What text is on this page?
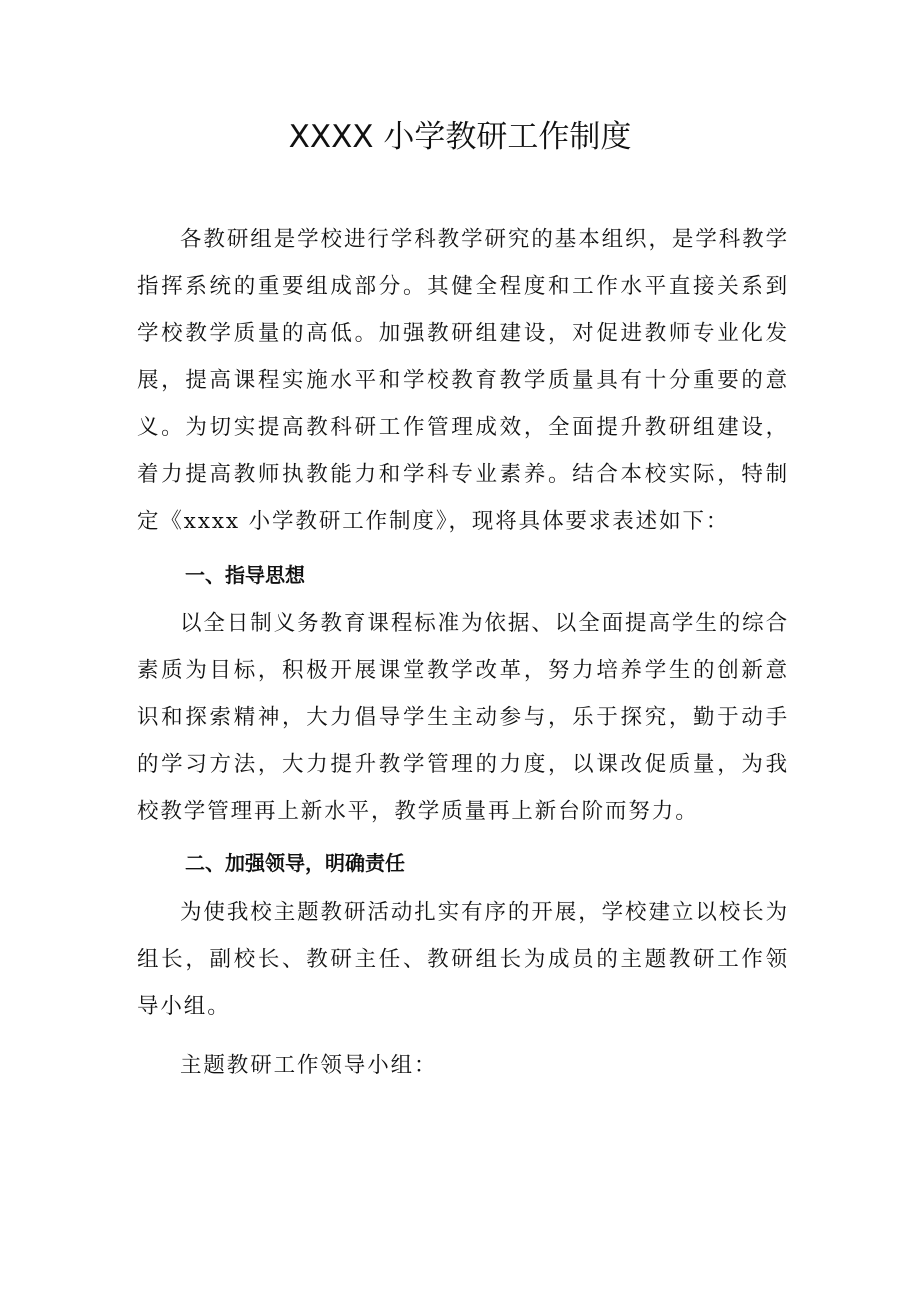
XXXX 小学教研工作制度

各教研组是学校进行学科教学研究的基本组织，是学科教学指挥系统的重要组成部分。其健全程度和工作水平直接关系到学校教学质量的高低。加强教研组建设，对促进教师专业化发展，提高课程实施水平和学校教育教学质量具有十分重要的意义。为切实提高教科研工作管理成效，全面提升教研组建设，着力提高教师执教能力和学科专业素养。结合本校实际，特制定《xxxx 小学教研工作制度》，现将具体要求表述如下：

一、指导思想

以全日制义务教育课程标准为依据、以全面提高学生的综合素质为目标，积极开展课堂教学改革，努力培养学生的创新意识和探索精神，大力倡导学生主动参与，乐于探究，勤于动手的学习方法，大力提升教学管理的力度，以课改促质量，为我校教学管理再上新水平，教学质量再上新台阶而努力。

二、加强领导，明确责任

为使我校主题教研活动扎实有序的开展，学校建立以校长为组长，副校长、教研主任、教研组长为成员的主题教研工作领导小组。

主题教研工作领导小组：
